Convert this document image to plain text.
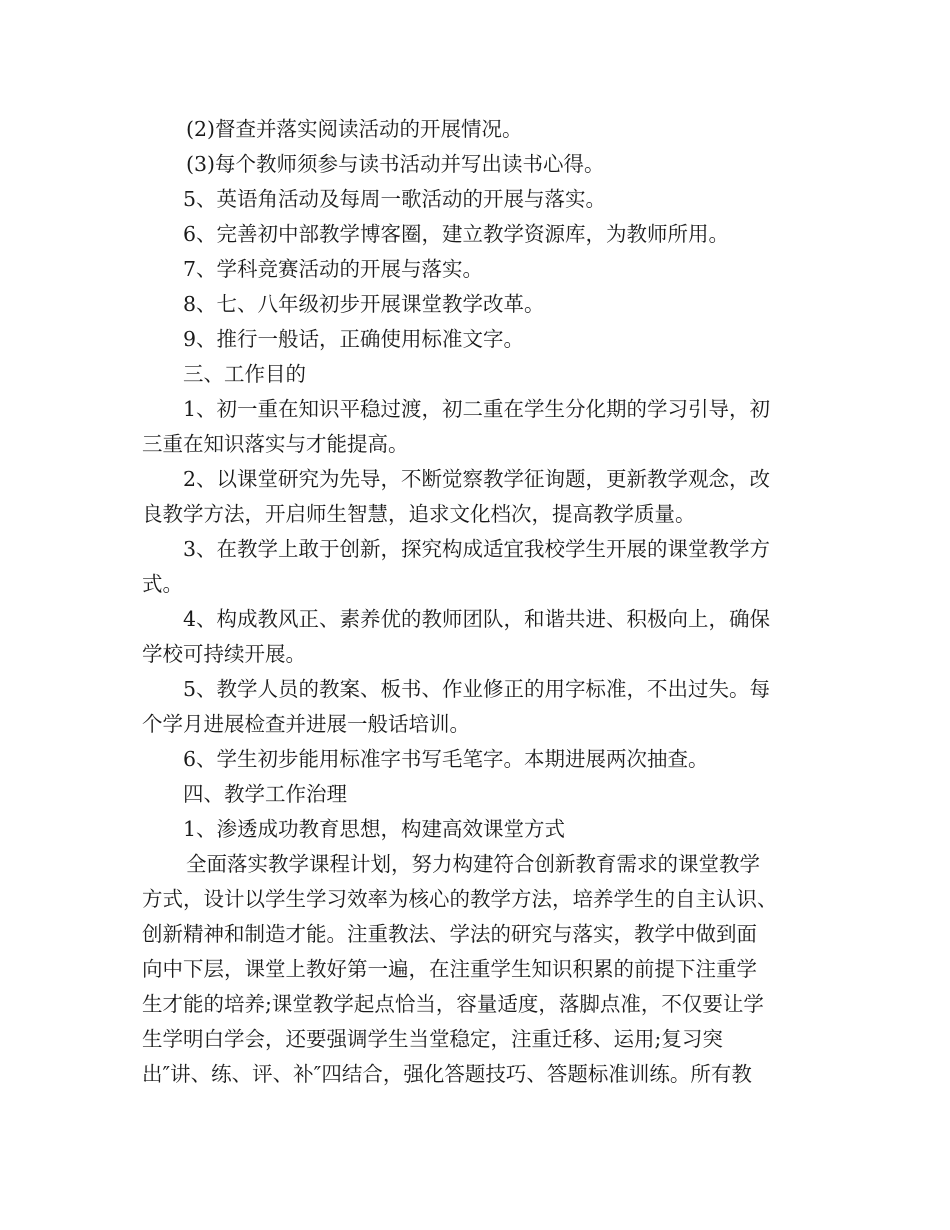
(2)督查并落实阅读活动的开展情况。
(3)每个教师须参与读书活动并写出读书心得。
5、英语角活动及每周一歌活动的开展与落实。
6、完善初中部教学博客圈，建立教学资源库，为教师所用。
7、学科竞赛活动的开展与落实。
8、七、八年级初步开展课堂教学改革。
9、推行一般话，正确使用标准文字。
三、工作目的
1、初一重在知识平稳过渡，初二重在学生分化期的学习引导，初
三重在知识落实与才能提高。
2、以课堂研究为先导，不断觉察教学征询题，更新教学观念，改
良教学方法，开启师生智慧，追求文化档次，提高教学质量。
3、在教学上敢于创新，探究构成适宜我校学生开展的课堂教学方
式。
4、构成教风正、素养优的教师团队，和谐共进、积极向上，确保
学校可持续开展。
5、教学人员的教案、板书、作业修正的用字标准，不出过失。每
个学月进展检查并进展一般话培训。
6、学生初步能用标准字书写毛笔字。本期进展两次抽查。
四、教学工作治理
1、渗透成功教育思想，构建高效课堂方式
全面落实教学课程计划，努力构建符合创新教育需求的课堂教学
方式，设计以学生学习效率为核心的教学方法，培养学生的自主认识、
创新精神和制造才能。注重教法、学法的研究与落实，教学中做到面
向中下层，课堂上教好第一遍，在注重学生知识积累的前提下注重学
生才能的培养;课堂教学起点恰当，容量适度，落脚点准，不仅要让学
生学明白学会，还要强调学生当堂稳定，注重迁移、运用;复习突
出″讲、练、评、补″四结合，强化答题技巧、答题标准训练。所有教
